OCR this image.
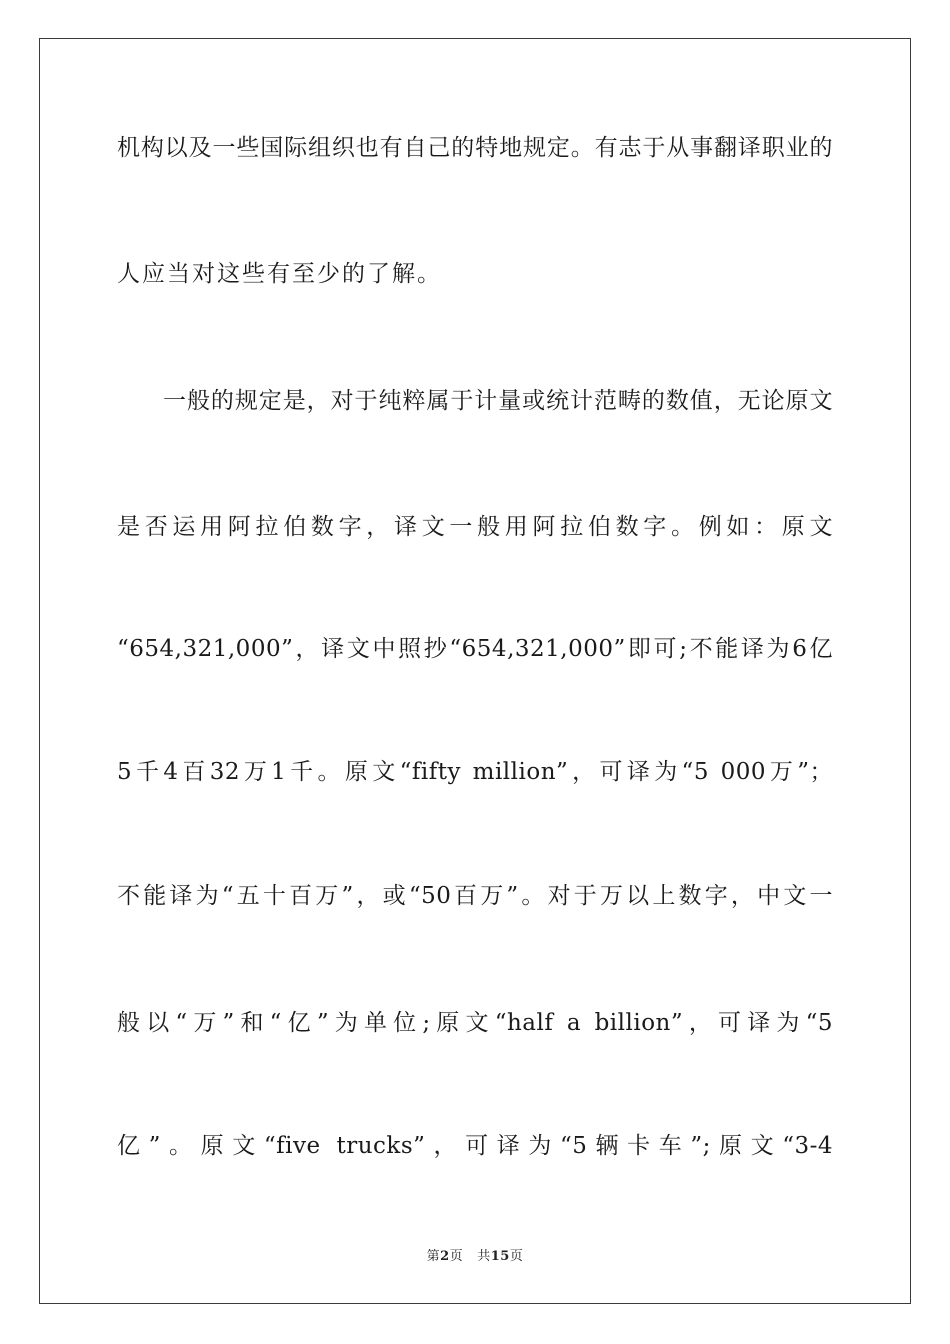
机构以及一些国际组织也有自己的特地规定。有志于从事翻译职业的
人应当对这些有至少的了解。
一般的规定是，对于纯粹属于计量或统计范畴的数值，无论原文
是否运用阿拉伯数字，译文一般用阿拉伯数字。例如：原文
“654,321,000”，译文中照抄“654,321,000”即可;不能译为6亿
5千4百32万1千。原文“fifty million”，可译为“5 000万”；
不能译为“五十百万”，或“50百万”。对于万以上数字，中文一
般以“万”和“亿”为单位;原文“half a billion”，可译为“5
亿”。原文“five trucks”，可译为“5辆卡车”;原文“3-4
第2页 共15页
